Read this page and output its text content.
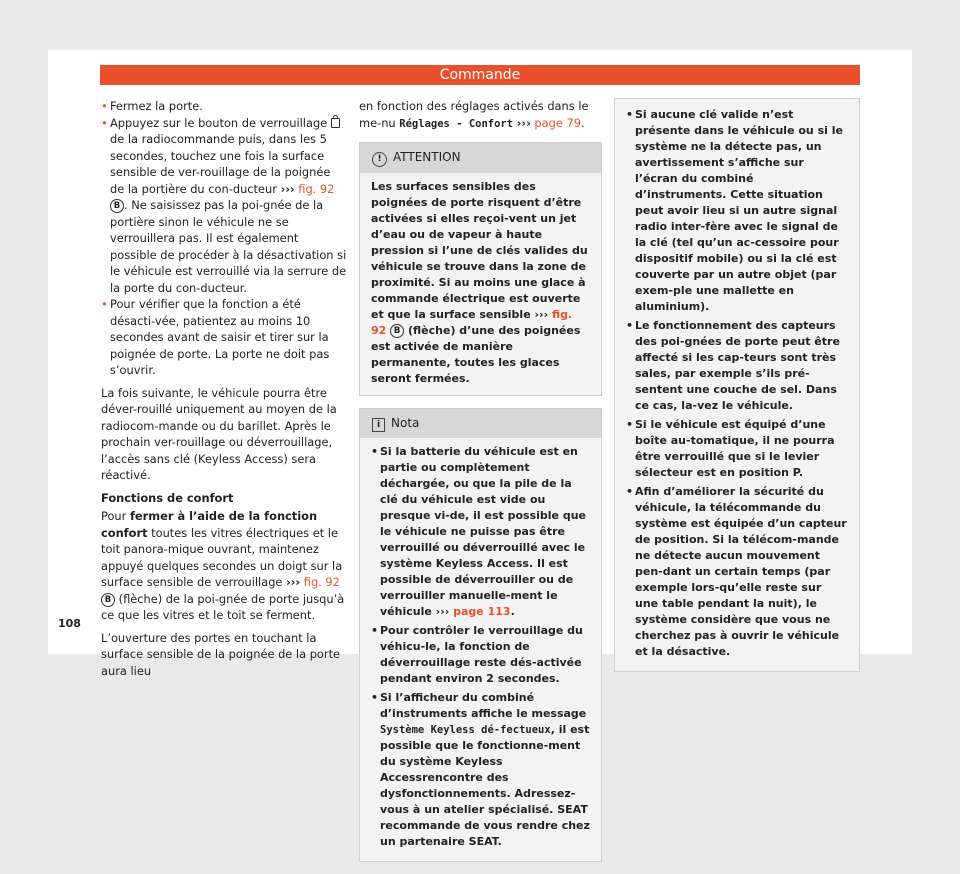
Commande
• Fermez la porte.
• Appuyez sur le bouton de verrouillage  de la radiocommande puis, dans les 5 secondes, touchez une fois la surface sensible de ver-rouillage de la poignée de la portière du con-ducteur ››› fig. 92 B . Ne saisissez pas la poi-gnée de la portière sinon le véhicule ne se verrouillera pas. Il est également possible de procéder à la désactivation si le véhicule est verrouillé via la serrure de la porte du con-ducteur.
• Pour vérifier que la fonction a été désacti-vée, patientez au moins 10 secondes avant de saisir et tirer sur la poignée de porte. La porte ne doit pas s’ouvrir.

La fois suivante, le véhicule pourra être déver-rouillé uniquement au moyen de la radiocom-mande ou du barillet. Après le prochain ver-rouillage ou déverrouillage, l’accès sans clé (Keyless Access) sera réactivé.

Fonctions de confort

Pour fermer à l’aide de la fonction confort toutes les vitres électriques et le toit panora-mique ouvrant, maintenez appuyé quelques secondes un doigt sur la surface sensible de verrouillage ››› fig. 92 B (flèche) de la poi-gnée de porte jusqu’à ce que les vitres et le toit se ferment.

L’ouverture des portes en touchant la surface sensible de la poignée de la porte aura lieu

en fonction des réglages activés dans le me-nu Réglages - Confort ››› page 79.

! ATTENTION
Les surfaces sensibles des poignées de porte risquent d’être activées si elles reçoi-vent un jet d’eau ou de vapeur à haute pression si l’une de clés valides du véhicule se trouve dans la zone de proximité. Si au moins une glace à commande électrique est ouverte et que la surface sensible ››› fig. 92 B (flèche) d’une des poignées est activée de manière permanente, toutes les glaces seront fermées.
i Nota
• Si la batterie du véhicule est en partie ou complètement déchargée, ou que la pile de la clé du véhicule est vide ou presque vi-de, il est possible que le véhicule ne puisse pas être verrouillé ou déverrouillé avec le système Keyless Access. Il est possible de déverrouiller ou de verrouiller manuelle-ment le véhicule ››› page 113.
• Pour contrôler le verrouillage du véhicu-le, la fonction de déverrouillage reste dés-activée pendant environ 2 secondes.
• Si l’afficheur du combiné d’instruments affiche le message Système Keyless dé-fectueux, il est possible que le fonctionne-ment du système Keyless Accessrencontre des dysfonctionnements. Adressez-vous à un atelier spécialisé. SEAT recommande de vous rendre chez un partenaire SEAT.
• Si aucune clé valide n’est présente dans le véhicule ou si le système ne la détecte pas, un avertissement s’affiche sur l’écran du combiné d’instruments. Cette situation peut avoir lieu si un autre signal radio inter-fère avec le signal de la clé (tel qu’un ac-cessoire pour dispositif mobile) ou si la clé est couverte par un autre objet (par exem-ple une mallette en aluminium).
• Le fonctionnement des capteurs des poi-gnées de porte peut être affecté si les cap-teurs sont très sales, par exemple s’ils pré-sentent une couche de sel. Dans ce cas, la-vez le véhicule.
• Si le véhicule est équipé d’une boîte au-tomatique, il ne pourra être verrouillé que si le levier sélecteur est en position P.
• Afin d’améliorer la sécurité du véhicule, la télécommande du système est équipée d’un capteur de position. Si la télécom-mande ne détecte aucun mouvement pen-dant un certain temps (par exemple lors-qu’elle reste sur une table pendant la nuit), le système considère que vous ne cherchez pas à ouvrir le véhicule et la désactive.
108
